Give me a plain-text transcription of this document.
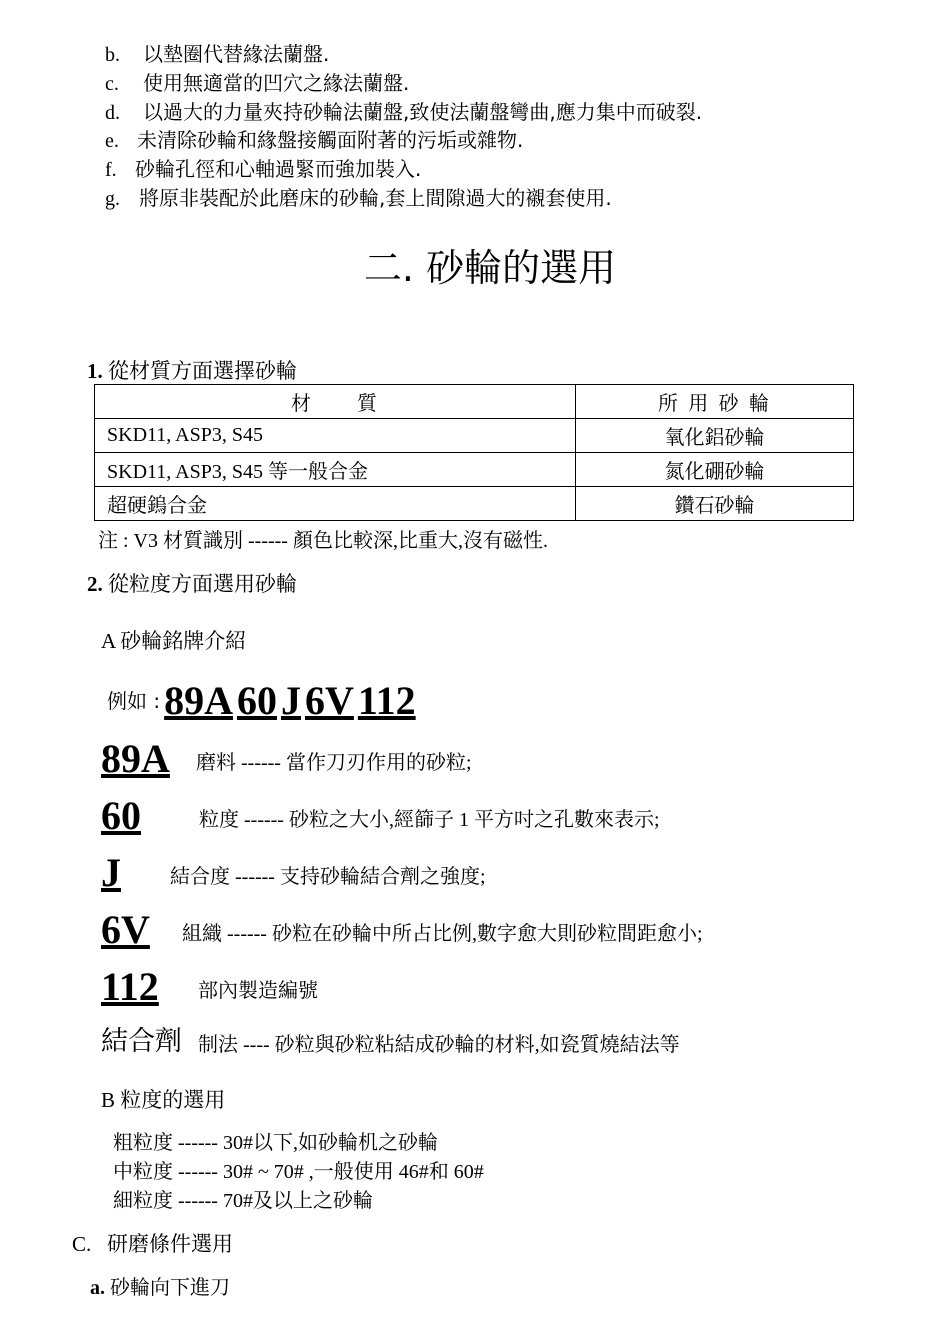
b. 以墊圈代替緣法蘭盤.
c. 使用無適當的凹穴之緣法蘭盤.
d. 以過大的力量夾持砂輪法蘭盤,致使法蘭盤彎曲,應力集中而破裂.
e. 未清除砂輪和緣盤接觸面附著的污垢或雜物.
f. 砂輪孔徑和心軸過緊而強加裝入.
g. 將原非裝配於此磨床的砂輪,套上間隙過大的襯套使用.
二. 砂輪的選用
1. 從材質方面選擇砂輪
材　　質	所 用 砂 輪
SKD11, ASP3, S45	氧化鋁砂輪
SKD11, ASP3, S45 等一般合金	氮化硼砂輪
超硬鎢合金	鑽石砂輪
注 : V3 材質識別 ------ 顏色比較深,比重大,沒有磁性.
2. 從粒度方面選用砂輪
A 砂輪銘牌介紹
例如 : 89A 60 J 6V 112
89A 磨料 ------ 當作刀刃作用的砂粒;
60	粒度 ------ 砂粒之大小,經篩子 1 平方吋之孔數來表示;
J 結合度 ------ 支持砂輪結合劑之強度;
6V 組織 ------ 砂粒在砂輪中所占比例,數字愈大則砂粒間距愈小;
112	部內製造編號
結合劑 制法 ---- 砂粒與砂粒粘結成砂輪的材料,如瓷質燒結法等
B 粒度的選用
粗粒度 ------ 30#以下,如砂輪机之砂輪
中粒度 ------ 30# ~ 70# ,一般使用 46#和 60#
細粒度 ------ 70#及以上之砂輪
C.   研磨條件選用
a. 砂輪向下進刀
